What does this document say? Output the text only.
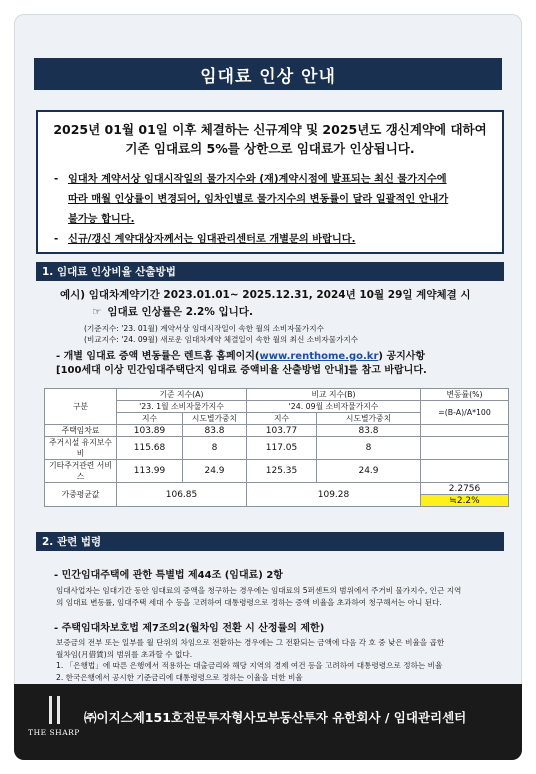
임대료 인상 안내
2025년 01월 01일 이후 체결하는 신규계약 및 2025년도 갱신계약에 대하여
기존 임대료의 5%를 상한으로 임대료가 인상됩니다.
- 임대차 계약서상 임대시작일의 물가지수와 (재)계약시점에 발표되는 최신 물가지수에
따라 매월 인상률이 변경되어, 임차인별로 물가지수의 변동률이 달라 일괄적인 안내가
불가능 합니다.
- 신규/갱신 계약대상자께서는 임대관리센터로 개별문의 바랍니다.
1. 임대료 인상비율 산출방법
예시) 임대차계약기간 2023.01.01~ 2025.12.31, 2024년 10월 29일 계약체결 시
☞ 임대료 인상률은 2.2% 입니다.
(기준지수: '23. 01월) 계약서상 임대시작일이 속한 월의 소비자물가지수
(비교지수: '24. 09월) 새로운 임대차계약 체결일이 속한 월의 최신 소비자물가지수
- 개별 임대료 증액 변동률은 렌트홈 홈페이지(www.renthome.go.kr) 공지사항
[100세대 이상 민간임대주택단지 임대료 증액비율 산출방법 안내]를 참고 바랍니다.
구분	기준 지수(A)		비교 지수(B)		변동률(%)
	'23. 1월 소비자물가지수		'24. 09월 소비자물가지수		=(B-A)/A*100
	지수	시도별가중치	지수	시도별가중치	
주택임차료	103.89	83.8	103.77	83.8	
주거시설 유지보수비	115.68	8	117.05	8	
기타주거관련 서비스	113.99	24.9	125.35	24.9	
가중평균값	106.85		109.28		2.2756
					≒2.2%
2. 관련 법령
- 민간임대주택에 관한 특별법 제44조 (임대료) 2항
임대사업자는 임대기간 동안 임대료의 증액을 청구하는 경우에는 임대료의 5퍼센트의 범위에서 주거비 물가지수, 인근 지역
의 임대료 변동률, 임대주택 세대 수 등을 고려하여 대통령령으로 정하는 증액 비율을 초과하여 청구해서는 아니 된다.
- 주택임대차보호법 제7조의2(월차임 전환 시 산정률의 제한)
보증금의 전부 또는 일부를 월 단위의 차임으로 전환하는 경우에는 그 전환되는 금액에 다음 각 호 중 낮은 비율을 곱한
월차임(月借賃)의 범위를 초과할 수 없다.
1. 「은행법」에 따른 은행에서 적용하는 대출금리와 해당 지역의 경제 여건 등을 고려하여 대통령령으로 정하는 비율
2. 한국은행에서 공시한 기준금리에 대통령령으로 정하는 이율을 더한 비율
THE SHARP
㈜이지스제151호전문투자형사모부동산투자 유한회사 / 임대관리센터
